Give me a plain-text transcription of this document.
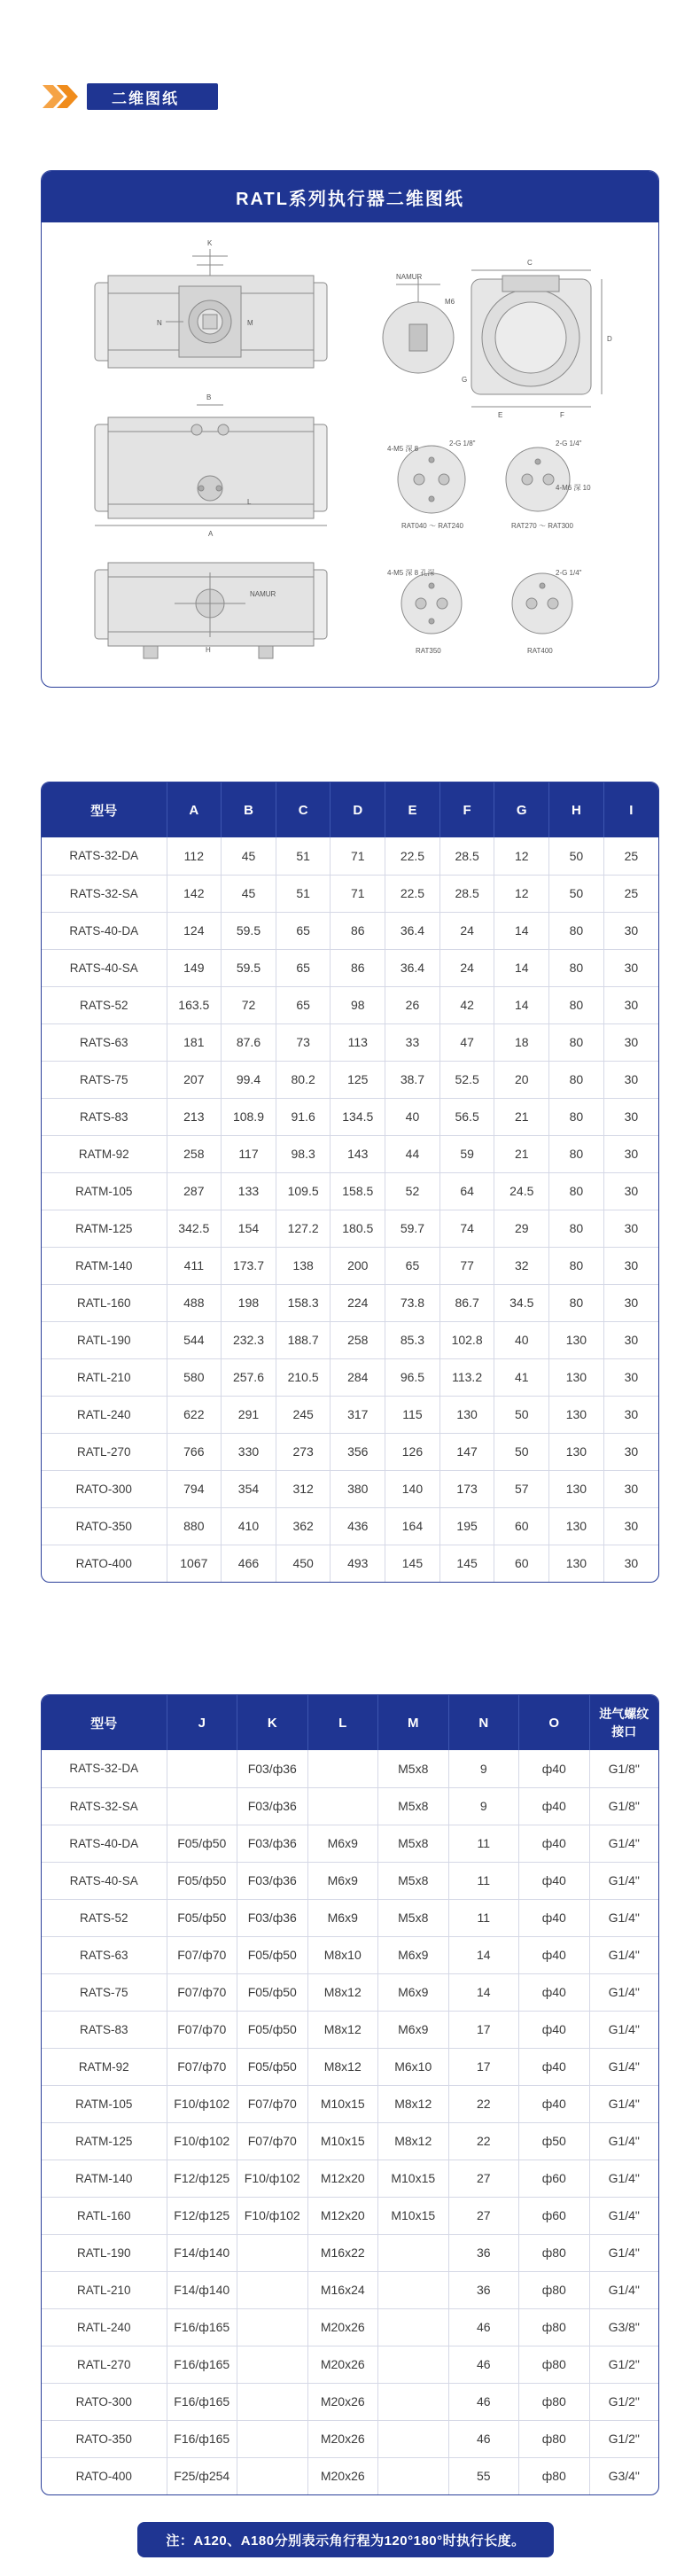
二维图纸
RATL系列执行器二维图纸
K
N	M
NAMUR
M6
C
D
E	F
G
B
A
L
4-M5 深 8
2-G 1/8"	2-G 1/4"
RAT040 ～ RAT240	RAT270 ～ RAT300
4-M6 深 10
NAMUR
H
4-M5 深 8 孔深	2-G 1/4"
RAT350	RAT400
型号	A	B	C	D	E	F	G	H	I
RATS-32-DA	112	45	51	71	22.5	28.5	12	50	25
RATS-32-SA	142	45	51	71	22.5	28.5	12	50	25
RATS-40-DA	124	59.5	65	86	36.4	24	14	80	30
RATS-40-SA	149	59.5	65	86	36.4	24	14	80	30
RATS-52	163.5	72	65	98	26	42	14	80	30
RATS-63	181	87.6	73	113	33	47	18	80	30
RATS-75	207	99.4	80.2	125	38.7	52.5	20	80	30
RATS-83	213	108.9	91.6	134.5	40	56.5	21	80	30
RATM-92	258	117	98.3	143	44	59	21	80	30
RATM-105	287	133	109.5	158.5	52	64	24.5	80	30
RATM-125	342.5	154	127.2	180.5	59.7	74	29	80	30
RATM-140	411	173.7	138	200	65	77	32	80	30
RATL-160	488	198	158.3	224	73.8	86.7	34.5	80	30
RATL-190	544	232.3	188.7	258	85.3	102.8	40	130	30
RATL-210	580	257.6	210.5	284	96.5	113.2	41	130	30
RATL-240	622	291	245	317	115	130	50	130	30
RATL-270	766	330	273	356	126	147	50	130	30
RATO-300	794	354	312	380	140	173	57	130	30
RATO-350	880	410	362	436	164	195	60	130	30
RATO-400	1067	466	450	493	145	145	60	130	30
型号	J	K	L	M	N	O	进气螺纹接口
RATS-32-DA		F03/ф36		M5x8	9	ф40	G1/8"
RATS-32-SA		F03/ф36		M5x8	9	ф40	G1/8"
RATS-40-DA	F05/ф50	F03/ф36	M6x9	M5x8	11	ф40	G1/4"
RATS-40-SA	F05/ф50	F03/ф36	M6x9	M5x8	11	ф40	G1/4"
RATS-52	F05/ф50	F03/ф36	M6x9	M5x8	11	ф40	G1/4"
RATS-63	F07/ф70	F05/ф50	M8x10	M6x9	14	ф40	G1/4"
RATS-75	F07/ф70	F05/ф50	M8x12	M6x9	14	ф40	G1/4"
RATS-83	F07/ф70	F05/ф50	M8x12	M6x9	17	ф40	G1/4"
RATM-92	F07/ф70	F05/ф50	M8x12	M6x10	17	ф40	G1/4"
RATM-105	F10/ф102	F07/ф70	M10x15	M8x12	22	ф40	G1/4"
RATM-125	F10/ф102	F07/ф70	M10x15	M8x12	22	ф50	G1/4"
RATM-140	F12/ф125	F10/ф102	M12x20	M10x15	27	ф60	G1/4"
RATL-160	F12/ф125	F10/ф102	M12x20	M10x15	27	ф60	G1/4"
RATL-190	F14/ф140		M16x22		36	ф80	G1/4"
RATL-210	F14/ф140		M16x24		36	ф80	G1/4"
RATL-240	F16/ф165		M20x26		46	ф80	G3/8"
RATL-270	F16/ф165		M20x26		46	ф80	G1/2"
RATO-300	F16/ф165		M20x26		46	ф80	G1/2"
RATO-350	F16/ф165		M20x26		46	ф80	G1/2"
RATO-400	F25/ф254		M20x26		55	ф80	G3/4"
注：A120、A180分别表示角行程为120°180°时执行长度。
